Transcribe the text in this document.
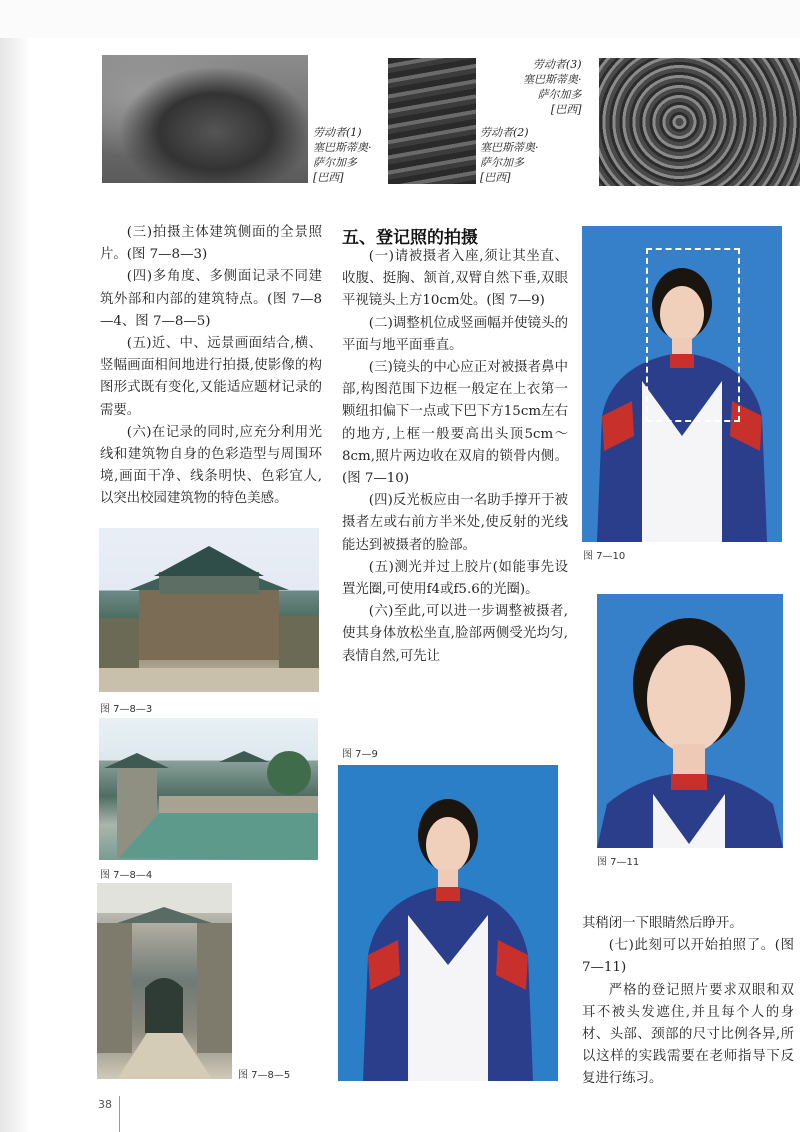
劳动者(1)
塞巴斯蒂奥·
萨尔加多
[巴西]
劳动者(2)
塞巴斯蒂奥·
萨尔加多
[巴西]
劳动者(3)
塞巴斯蒂奥·
萨尔加多
[巴西]

(三)拍摄主体建筑侧面的全景照片。(图 7—8—3)

(四)多角度、多侧面记录不同建筑外部和内部的建筑特点。(图 7—8—4、图 7—8—5)

(五)近、中、远景画面结合,横、竖幅画面相间地进行拍摄,使影像的构图形式既有变化,又能适应题材记录的需要。

(六)在记录的同时,应充分利用光线和建筑物自身的色彩造型与周围环境,画面干净、线条明快、色彩宜人,以突出校园建筑物的特色美感。

图 7—8—3
图 7—8—4
图 7—8—5
五、登记照的拍摄

(一)请被摄者入座,须让其坐直、收腹、挺胸、颔首,双臂自然下垂,双眼平视镜头上方10cm处。(图 7—9)

(二)调整机位成竖画幅并使镜头的平面与地平面垂直。

(三)镜头的中心应正对被摄者鼻中部,构图范围下边框一般定在上衣第一颗纽扣偏下一点或下巴下方15cm左右的地方,上框一般要高出头顶5cm～8cm,照片两边收在双肩的锁骨内侧。(图 7—10)

(四)反光板应由一名助手撑开于被摄者左或右前方半米处,使反射的光线能达到被摄者的脸部。

(五)测光并过上胶片(如能事先设置光圈,可使用f4或f5.6的光圈)。

(六)至此,可以进一步调整被摄者,使其身体放松坐直,脸部两侧受光均匀,表情自然,可先让

图 7—9
图 7—10
图 7—11

其稍闭一下眼睛然后睁开。

(七)此刻可以开始拍照了。(图 7—11)

严格的登记照片要求双眼和双耳不被头发遮住,并且每个人的身材、头部、颈部的尺寸比例各异,所以这样的实践需要在老师指导下反复进行练习。

38
